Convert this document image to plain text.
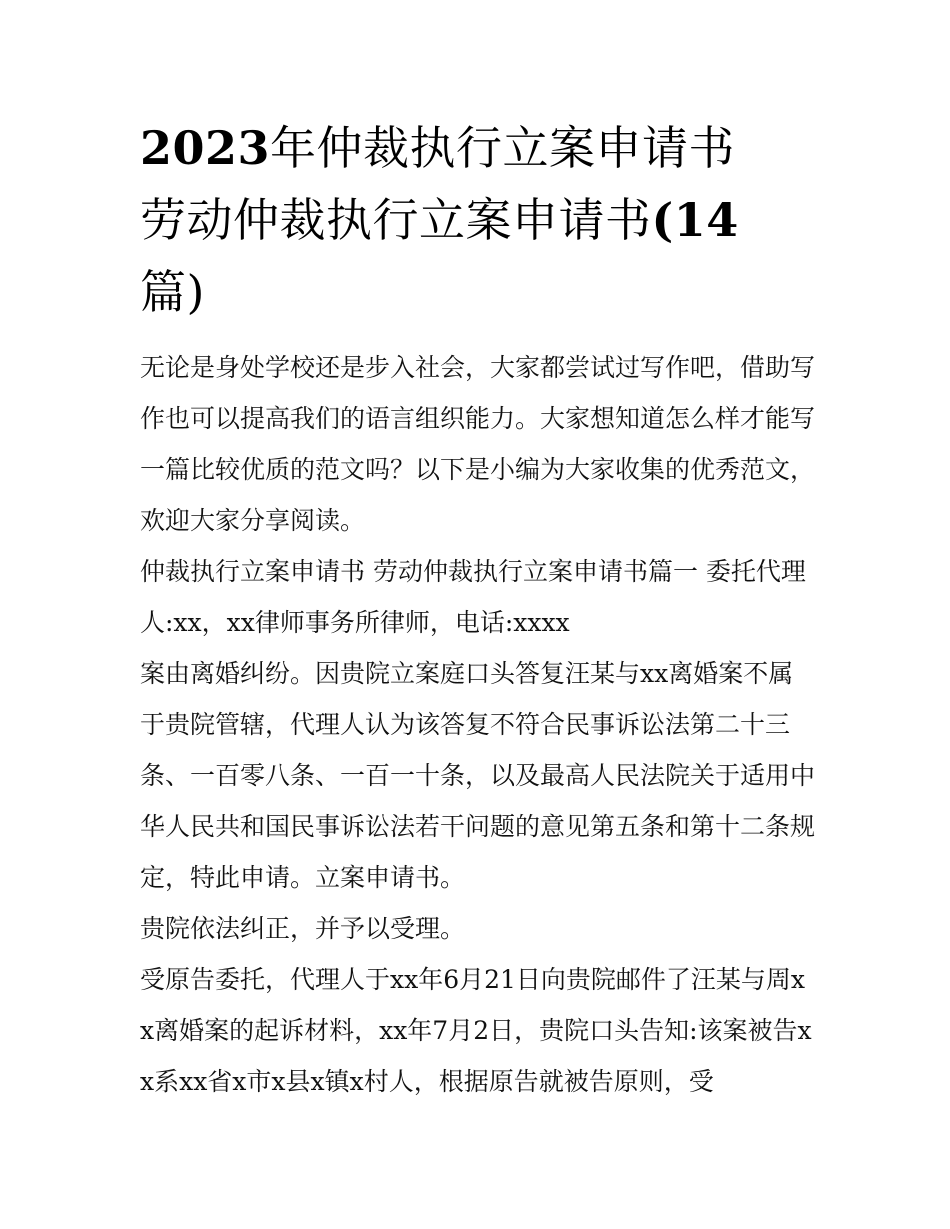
2023年仲裁执行立案申请书
劳动仲裁执行立案申请书(14
篇)

无论是身处学校还是步入社会，大家都尝试过写作吧，借助写作也可以提高我们的语言组织能力。大家想知道怎么样才能写一篇比较优质的范文吗？以下是小编为大家收集的优秀范文，欢迎大家分享阅读。

仲裁执行立案申请书 劳动仲裁执行立案申请书篇一 委托代理人:xx，xx律师事务所律师，电话:xxxx

案由离婚纠纷。因贵院立案庭口头答复汪某与xx离婚案不属于贵院管辖，代理人认为该答复不符合民事诉讼法第二十三条、一百零八条、一百一十条，以及最高人民法院关于适用中华人民共和国民事诉讼法若干问题的意见第五条和第十二条规定，特此申请。立案申请书。

贵院依法纠正，并予以受理。

受原告委托，代理人于xx年6月21日向贵院邮件了汪某与周xx离婚案的起诉材料，xx年7月2日，贵院口头告知:该案被告xx系xx省x市x县x镇x村人，根据原告就被告原则，受
